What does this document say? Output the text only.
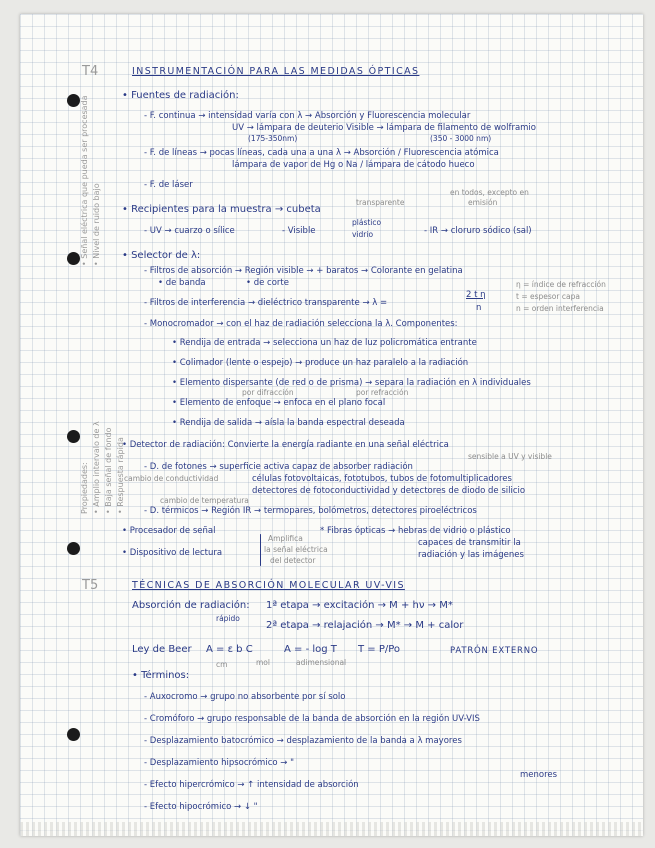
• Señal eléctrica que pueda ser procesada • Nivel de ruido bajo
Propiedades: • Amplio intervalo de λ • Baja señal de fondo • Respuesta rápida
T4	INSTRUMENTACIÓN PARA LAS MEDIDAS ÓPTICAS
• Fuentes de radiación:
- F. continua → intensidad varía con λ → Absorción y Fluorescencia molecular
UV → lámpara de deuterio Visible → lámpara de filamento de wolframio
(175-350nm)	(350 - 3000 nm)
- F. de líneas → pocas líneas, cada una a una λ → Absorción / Fluorescencia atómica
lámpara de vapor de Hg o Na / lámpara de cátodo hueco
- F. de láser
• Recipientes para la muestra → cubeta
transparente
en todos, excepto en
emisión
- UV → cuarzo o sílice	- Visible
plástico
vidrio	- IR → cloruro sódico (sal)
• Selector de λ:
- Filtros de absorción → Región visible → + baratos → Colorante en gelatina
• de banda	• de corte
- Filtros de interferencia → dieléctrico transparente → λ =
2 t η
n
η = índice de refracción
t = espesor capa
n = orden interferencia
- Monocromador → con el haz de radiación selecciona la λ. Componentes:
• Rendija de entrada → selecciona un haz de luz policromática entrante
• Colimador (lente o espejo) → produce un haz paralelo a la radiación
• Elemento dispersante (de red o de prisma) → separa la radiación en λ individuales
por difracción	por refracción
• Elemento de enfoque → enfoca en el plano focal
• Rendija de salida → aísla la banda espectral deseada
• Detector de radiación: Convierte la energía radiante en una señal eléctrica
sensible a UV y visible
- D. de fotones → superficie activa capaz de absorber radiación
células fotovoltaicas, fototubos, tubos de fotomultiplicadores
cambio de conductividad
detectores de fotoconductividad y detectores de diodo de silicio
cambio de temperatura
- D. térmicos → Región IR → termopares, bolómetros, detectores piroeléctricos
• Procesador de señal	* Fibras ópticas → hebras de vidrio o plástico
capaces de transmitir la
radiación y las imágenes
• Dispositivo de lectura
Amplifica
la señal eléctrica
del detector
T5	TÉCNICAS DE ABSORCIÓN MOLECULAR UV-VIS
Absorción de radiación: 1ª etapa → excitación → M + hν → M*
rápido
2ª etapa → relajación → M* → M + calor
Ley de Beer A = ε b C	A = - log T T = P/Po	PATRÓN EXTERNO
cm	mol	adimensional
• Términos:
- Auxocromo → grupo no absorbente por sí solo
- Cromóforo → grupo responsable de la banda de absorción en la región UV-VIS
- Desplazamiento batocrómico → desplazamiento de la banda a λ mayores
- Desplazamiento hipsocrómico → "
menores
- Efecto hipercrómico → ↑ intensidad de absorción
- Efecto hipocrómico → ↓ "
